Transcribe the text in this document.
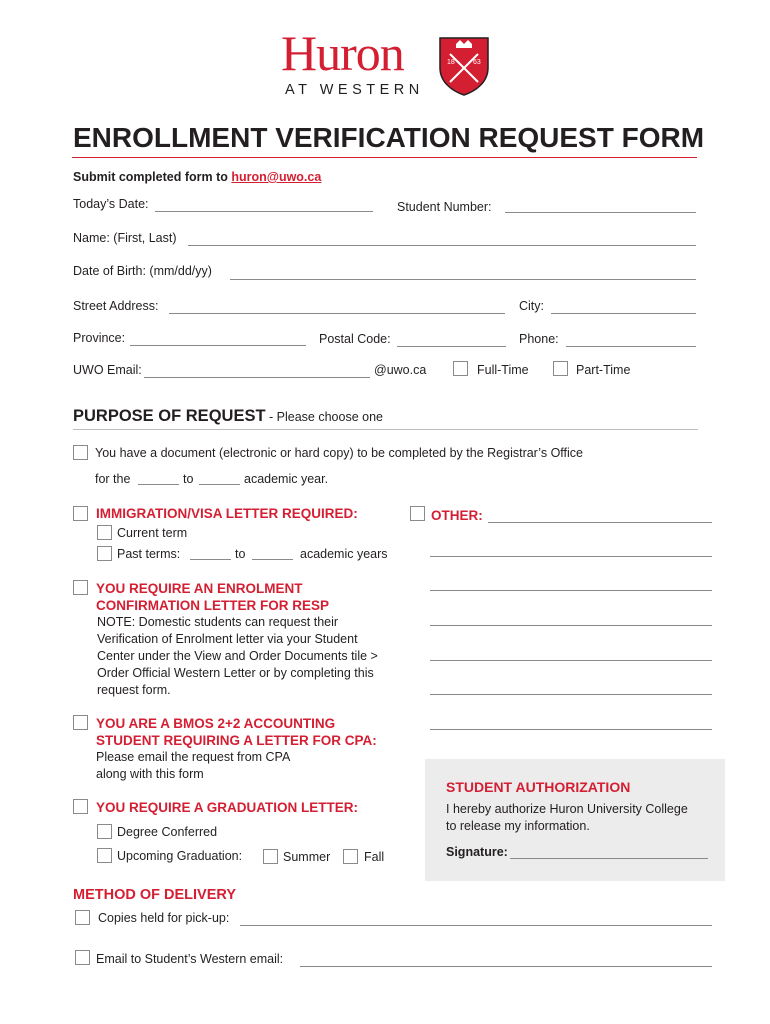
Huron	18	63
AT WESTERN
ENROLLMENT VERIFICATION REQUEST FORM
Submit completed form to huron@uwo.ca
Today’s Date:	Student Number:
Name: (First, Last)
Date of Birth: (mm/dd/yy)
Street Address:	City:
Province:	Postal Code:	Phone:
UWO Email:	@uwo.ca	Full-Time	Part-Time
PURPOSE OF REQUEST - Please choose one
You have a document (electronic or hard copy) to be completed by the Registrar’s Office
for the	to	academic year.
IMMIGRATION/VISA LETTER REQUIRED:
Current term
Past terms:	to	academic years
OTHER:
YOU REQUIRE AN ENROLMENT
CONFIRMATION LETTER FOR RESP
NOTE: Domestic students can request their
Verification of Enrolment letter via your Student
Center under the View and Order Documents tile >
Order Official Western Letter or by completing this
request form.
YOU ARE A BMOS 2+2 ACCOUNTING
STUDENT REQUIRING A LETTER FOR CPA:
Please email the request from CPA
along with this form
YOU REQUIRE A GRADUATION LETTER:
Degree Conferred
Upcoming Graduation:	Summer	Fall
STUDENT AUTHORIZATION
I hereby authorize Huron University College
to release my information.
Signature:
METHOD OF DELIVERY
Copies held for pick-up:
Email to Student’s Western email:
